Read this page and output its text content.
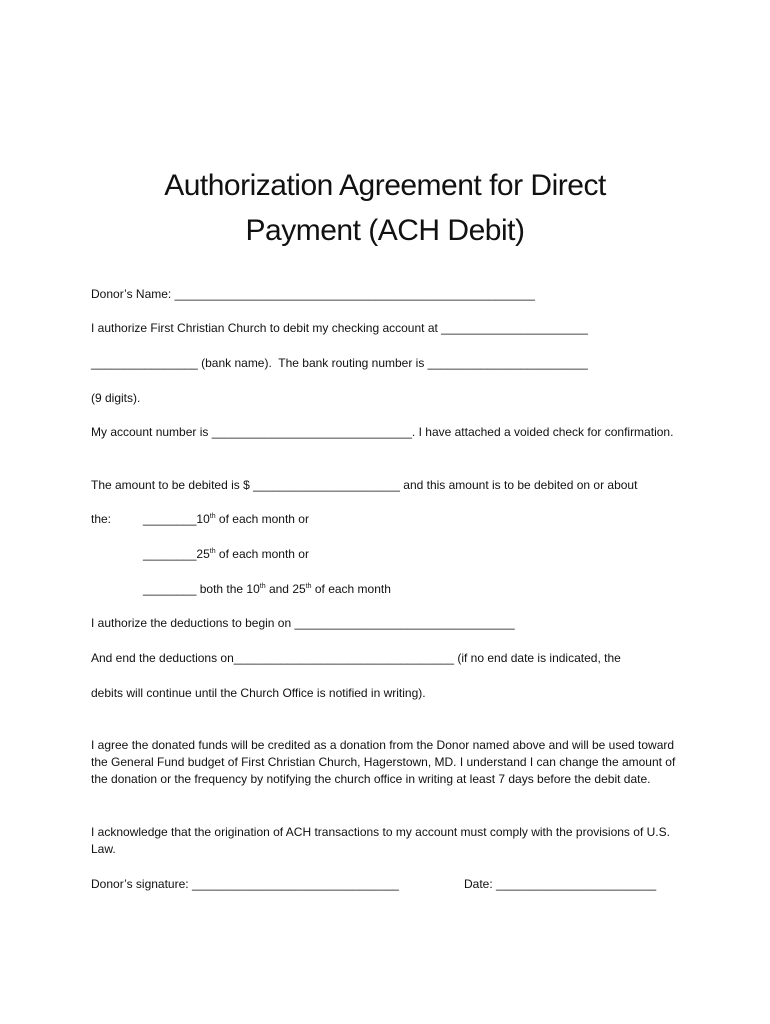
Authorization Agreement for Direct
Payment (ACH Debit)

Donor’s Name: ______________________________________________________

I authorize First Christian Church to debit my checking account at ______________________

________________ (bank name).  The bank routing number is ________________________

(9 digits).

My account number is ______________________________. I have attached a voided check for confirmation.

The amount to be debited is $ ______________________ and this amount is to be debited on or about

the:	________10th of each month or

________25th of each month or

________ both the 10th and 25th of each month

I authorize the deductions to begin on _________________________________

And end the deductions on_________________________________ (if no end date is indicated, the

debits will continue until the Church Office is notified in writing).

I agree the donated funds will be credited as a donation from the Donor named above and will be used toward the General Fund budget of First Christian Church, Hagerstown, MD. I understand I can change the amount of the donation or the frequency by notifying the church office in writing at least 7 days before the debit date.

I acknowledge that the origination of ACH transactions to my account must comply with the provisions of U.S. Law.

Donor’s signature: _______________________________	Date: ________________________
